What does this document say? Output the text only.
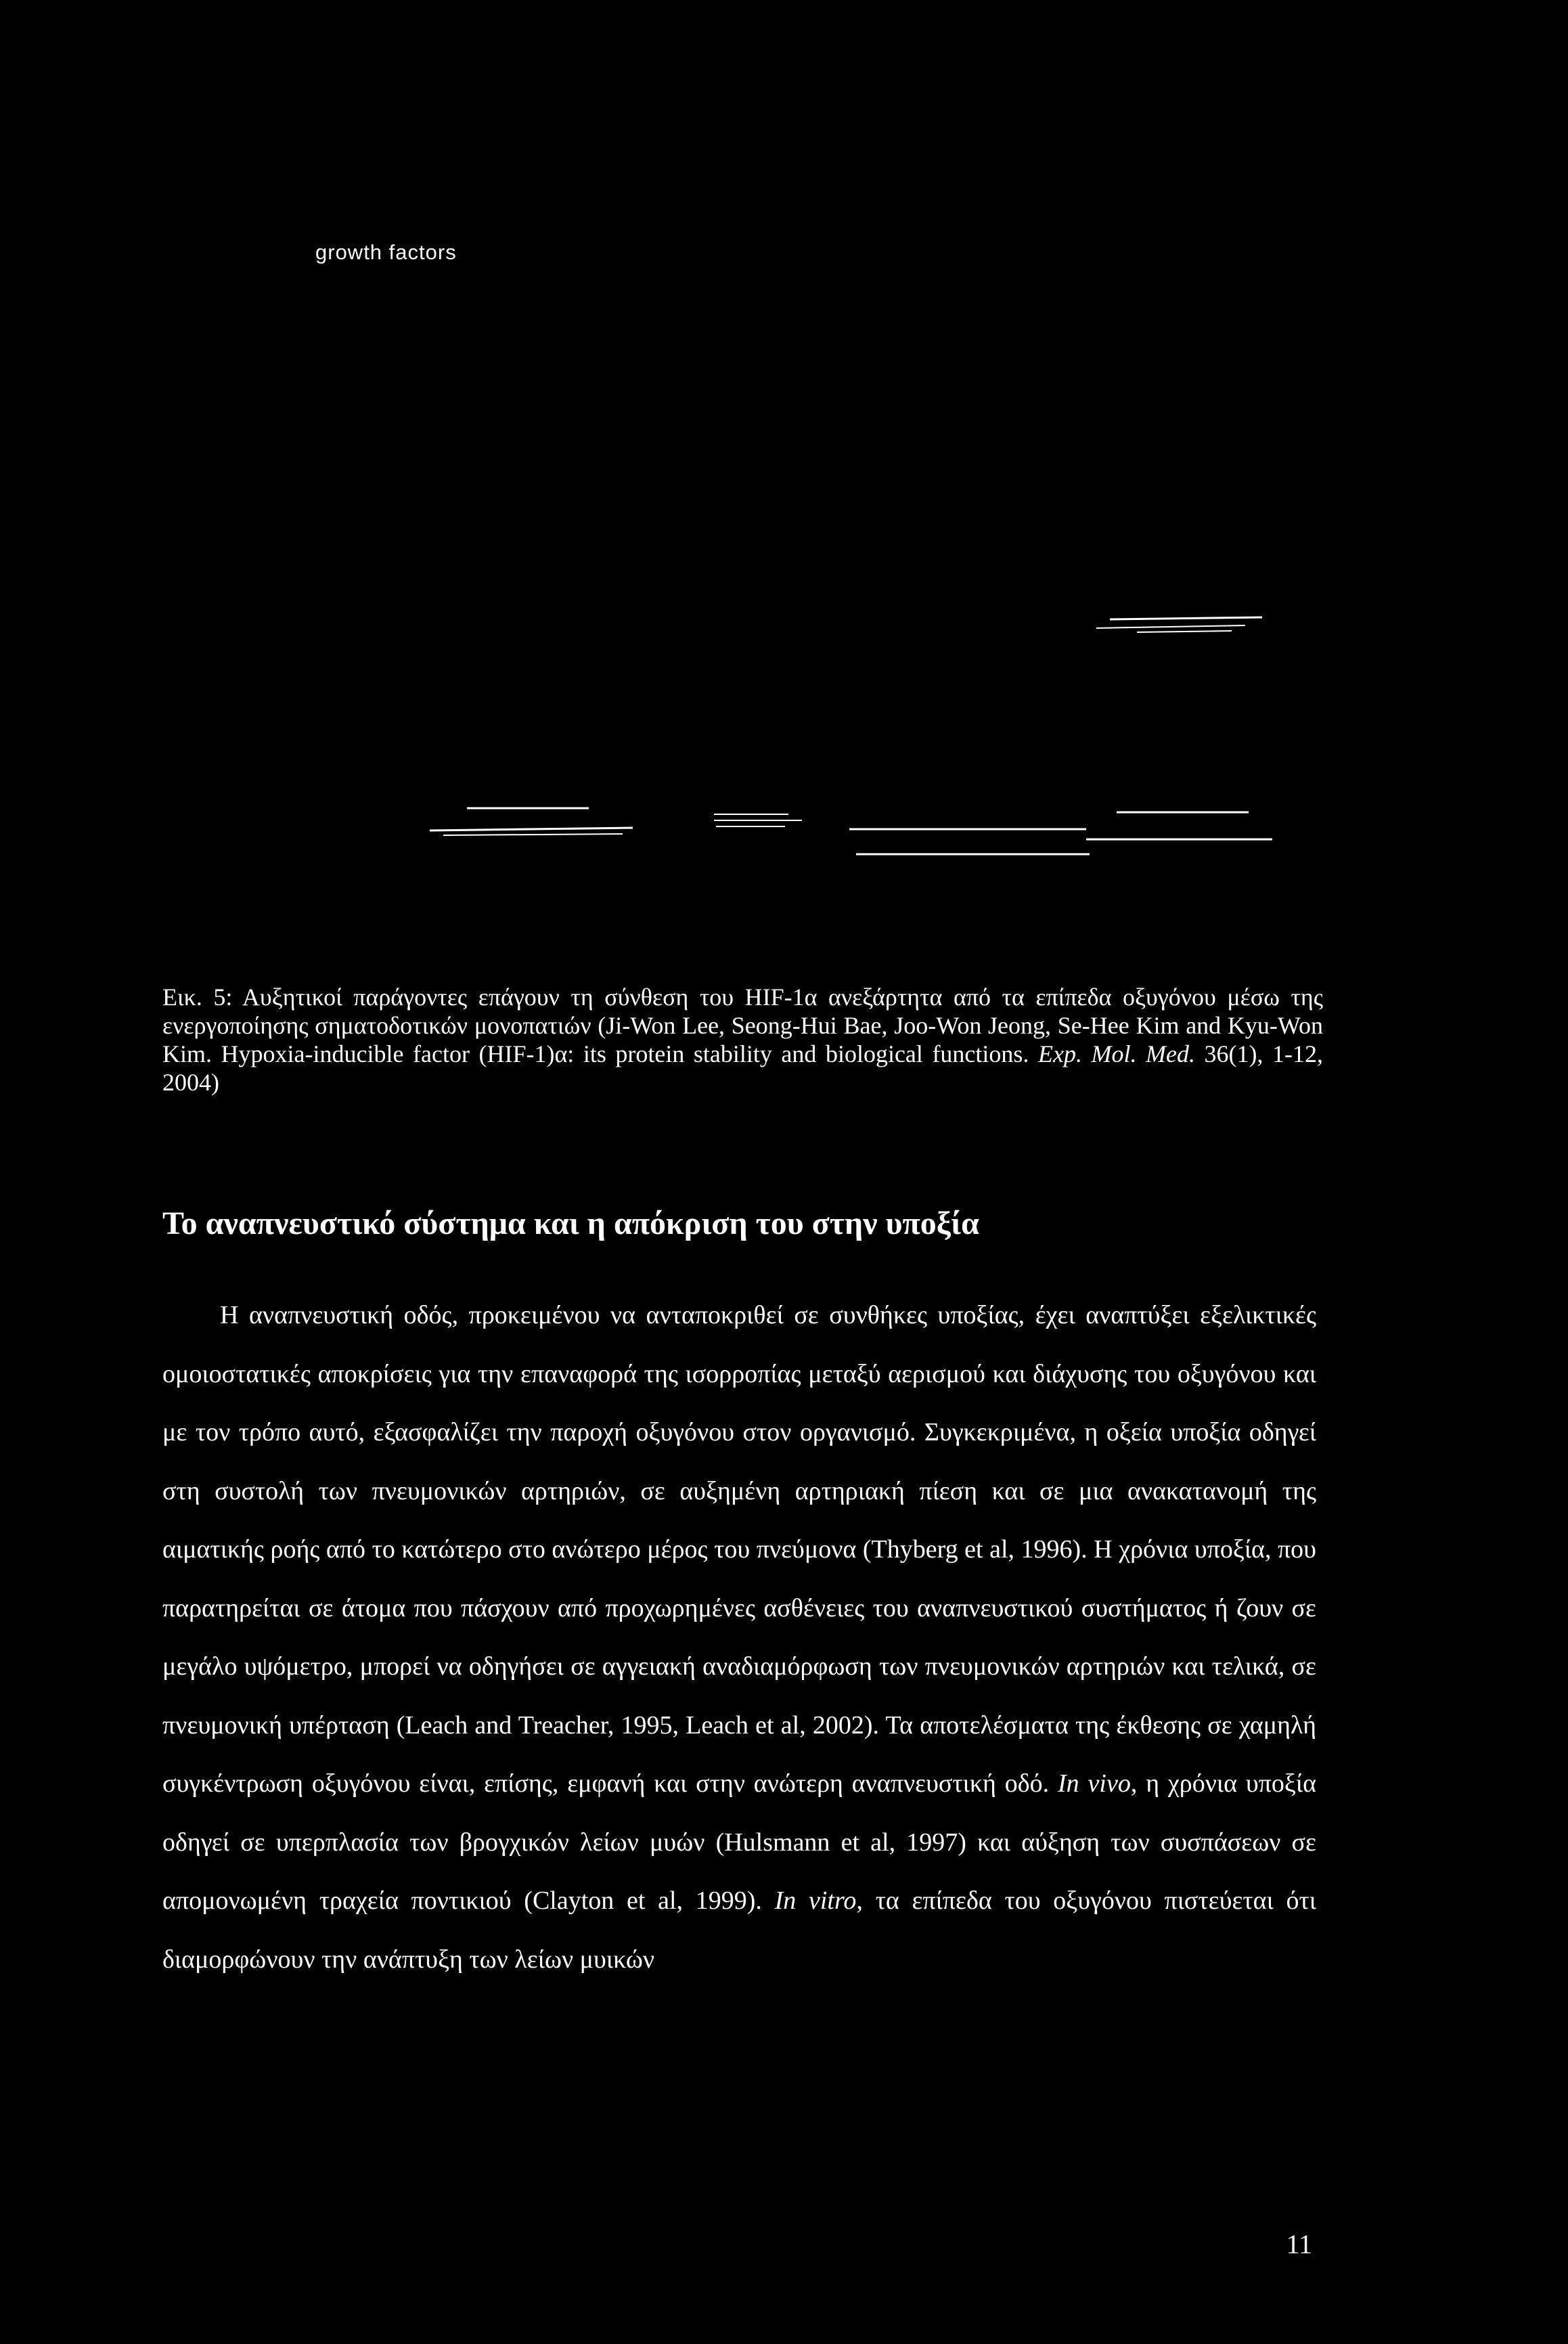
growth factors
Εικ. 5: Αυξητικοί παράγοντες επάγουν τη σύνθεση του HIF-1α ανεξάρτητα από τα επίπεδα οξυγόνου μέσω της ενεργοποίησης σηματοδοτικών μονοπατιών (Ji-Won Lee, Seong-Hui Bae, Joo-Won Jeong, Se-Hee Kim and Kyu-Won Kim. Hypoxia-inducible factor (HIF-1)α: its protein stability and biological functions. Exp. Mol. Med. 36(1), 1-12, 2004)
Το αναπνευστικό σύστημα και η απόκριση του στην υποξία

Η αναπνευστική οδός, προκειμένου να ανταποκριθεί σε συνθήκες υποξίας, έχει αναπτύξει εξελικτικές ομοιοστατικές αποκρίσεις για την επαναφορά της ισορροπίας μεταξύ αερισμού και διάχυσης του οξυγόνου και με τον τρόπο αυτό, εξασφαλίζει την παροχή οξυγόνου στον οργανισμό. Συγκεκριμένα, η οξεία υποξία οδηγεί στη συστολή των πνευμονικών αρτηριών, σε αυξημένη αρτηριακή πίεση και σε μια ανακατανομή της αιματικής ροής από το κατώτερο στο ανώτερο μέρος του πνεύμονα (Thyberg et al, 1996). Η χρόνια υποξία, που παρατηρείται σε άτομα που πάσχουν από προχωρημένες ασθένειες του αναπνευστικού συστήματος ή ζουν σε μεγάλο υψόμετρο, μπορεί να οδηγήσει σε αγγειακή αναδιαμόρφωση των πνευμονικών αρτηριών και τελικά, σε πνευμονική υπέρταση (Leach and Treacher, 1995, Leach et al, 2002). Τα αποτελέσματα της έκθεσης σε χαμηλή συγκέντρωση οξυγόνου είναι, επίσης, εμφανή και στην ανώτερη αναπνευστική οδό. In vivo, η χρόνια υποξία οδηγεί σε υπερπλασία των βρογχικών λείων μυών (Hulsmann et al, 1997) και αύξηση των συσπάσεων σε απομονωμένη τραχεία ποντικιού (Clayton et al, 1999). In vitro, τα επίπεδα του οξυγόνου πιστεύεται ότι διαμορφώνουν την ανάπτυξη των λείων μυικών

11
